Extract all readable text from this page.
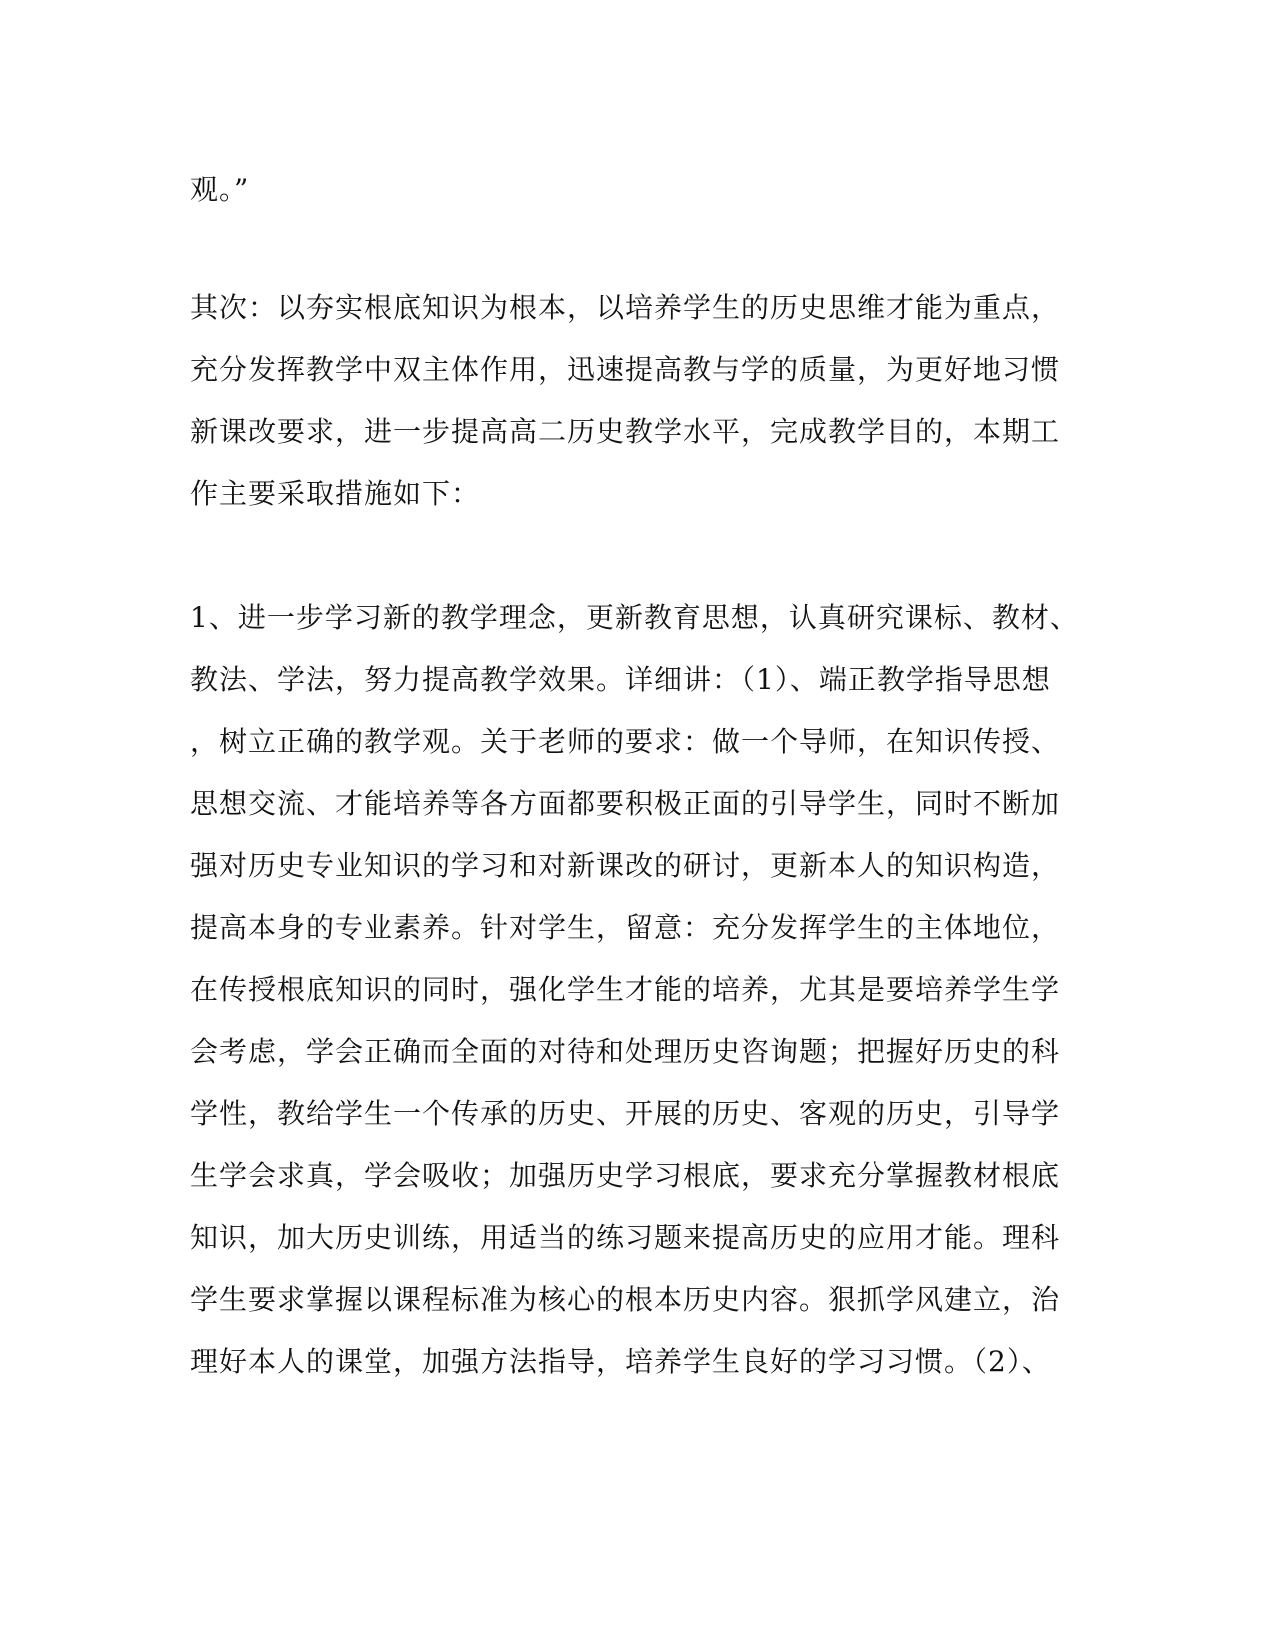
观。”
其次：以夯实根底知识为根本，以培养学生的历史思维才能为重点，
充分发挥教学中双主体作用，迅速提高教与学的质量，为更好地习惯
新课改要求，进一步提高高二历史教学水平，完成教学目的，本期工
作主要采取措施如下：
1、进一步学习新的教学理念，更新教育思想，认真研究课标、教材、
教法、学法，努力提高教学效果。详细讲：（1）、端正教学指导思想
，树立正确的教学观。关于老师的要求：做一个导师，在知识传授、
思想交流、才能培养等各方面都要积极正面的引导学生，同时不断加
强对历史专业知识的学习和对新课改的研讨，更新本人的知识构造，
提高本身的专业素养。针对学生，留意：充分发挥学生的主体地位，
在传授根底知识的同时，强化学生才能的培养，尤其是要培养学生学
会考虑，学会正确而全面的对待和处理历史咨询题；把握好历史的科
学性，教给学生一个传承的历史、开展的历史、客观的历史，引导学
生学会求真，学会吸收；加强历史学习根底，要求充分掌握教材根底
知识，加大历史训练，用适当的练习题来提高历史的应用才能。理科
学生要求掌握以课程标准为核心的根本历史内容。狠抓学风建立，治
理好本人的课堂，加强方法指导，培养学生良好的学习习惯。（2）、
